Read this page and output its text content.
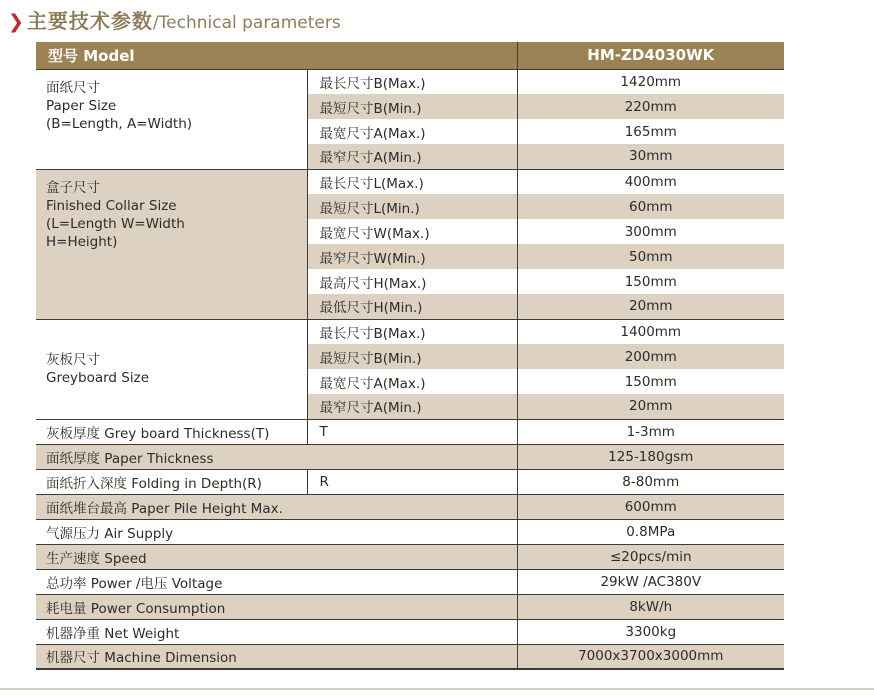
❯ 主要技术参数 /Technical parameters
型号 Model		HM-ZD4030WK

面纸尺寸
Paper Size
(B=Length, A=Width)	最长尺寸B(Max.)	1420mm
	最短尺寸B(Min.)	220mm
	最宽尺寸A(Max.)	165mm
	最窄尺寸A(Min.)	30mm

盒子尺寸
Finished Collar Size
(L=Length W=Width
H=Height)	最长尺寸L(Max.)	400mm
	最短尺寸L(Min.)	60mm
	最宽尺寸W(Max.)	300mm
	最窄尺寸W(Min.)	50mm
	最高尺寸H(Max.)	150mm
	最低尺寸H(Min.)	20mm

灰板尺寸
Greyboard Size	最长尺寸B(Max.)	1400mm
	最短尺寸B(Min.)	200mm
	最宽尺寸A(Max.)	150mm
	最窄尺寸A(Min.)	20mm
灰板厚度 Grey board Thickness(T)	T	1-3mm
面纸厚度 Paper Thickness		125-180gsm
面纸折入深度 Folding in Depth(R)	R	8-80mm
面纸堆台最高 Paper Pile Height Max.		600mm
气源压力 Air Supply		0.8MPa
生产速度 Speed		≤20pcs/min
总功率 Power /电压 Voltage		29kW /AC380V
耗电量 Power Consumption		8kW/h
机器净重 Net Weight		3300kg
机器尺寸 Machine Dimension		7000x3700x3000mm
